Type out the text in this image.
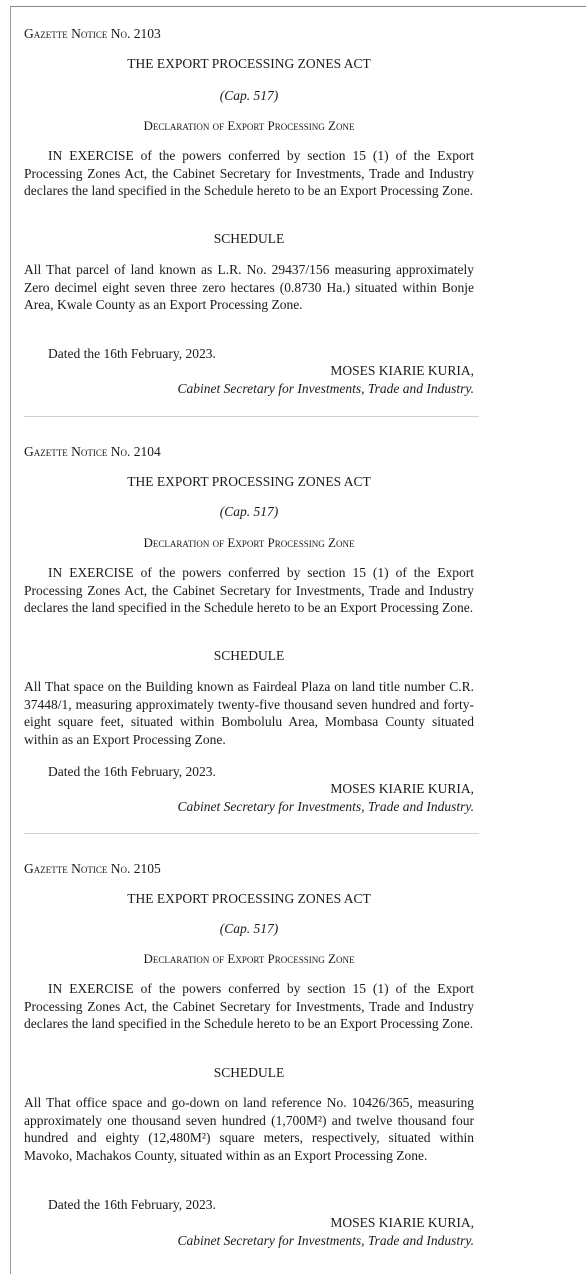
Gazette Notice No. 2103

THE EXPORT PROCESSING ZONES ACT

(Cap. 517)

Declaration of Export Processing Zone

IN EXERCISE of the powers conferred by section 15 (1) of the Export Processing Zones Act, the Cabinet Secretary for Investments, Trade and Industry declares the land specified in the Schedule hereto to be an Export Processing Zone.

SCHEDULE

All That parcel of land known as L.R. No. 29437/156 measuring approximately Zero decimel eight seven three zero hectares (0.8730 Ha.) situated within Bonje Area, Kwale County as an Export Processing Zone.

Dated the 16th February, 2023.

MOSES KIARIE KURIA,

Cabinet Secretary for Investments, Trade and Industry.

Gazette Notice No. 2104

THE EXPORT PROCESSING ZONES ACT

(Cap. 517)

Declaration of Export Processing Zone

IN EXERCISE of the powers conferred by section 15 (1) of the Export Processing Zones Act, the Cabinet Secretary for Investments, Trade and Industry declares the land specified in the Schedule hereto to be an Export Processing Zone.

SCHEDULE

All That space on the Building known as Fairdeal Plaza on land title number C.R. 37448/1, measuring approximately twenty-five thousand seven hundred and forty-eight square feet, situated within Bombolulu Area, Mombasa County situated within as an Export Processing Zone.

Dated the 16th February, 2023.

MOSES KIARIE KURIA,

Cabinet Secretary for Investments, Trade and Industry.

Gazette Notice No. 2105

THE EXPORT PROCESSING ZONES ACT

(Cap. 517)

Declaration of Export Processing Zone

IN EXERCISE of the powers conferred by section 15 (1) of the Export Processing Zones Act, the Cabinet Secretary for Investments, Trade and Industry declares the land specified in the Schedule hereto to be an Export Processing Zone.

SCHEDULE

All That office space and go-down on land reference No. 10426/365, measuring approximately one thousand seven hundred (1,700M²) and twelve thousand four hundred and eighty (12,480M²) square meters, respectively, situated within Mavoko, Machakos County, situated within as an Export Processing Zone.

Dated the 16th February, 2023.

MOSES KIARIE KURIA,

Cabinet Secretary for Investments, Trade and Industry.
